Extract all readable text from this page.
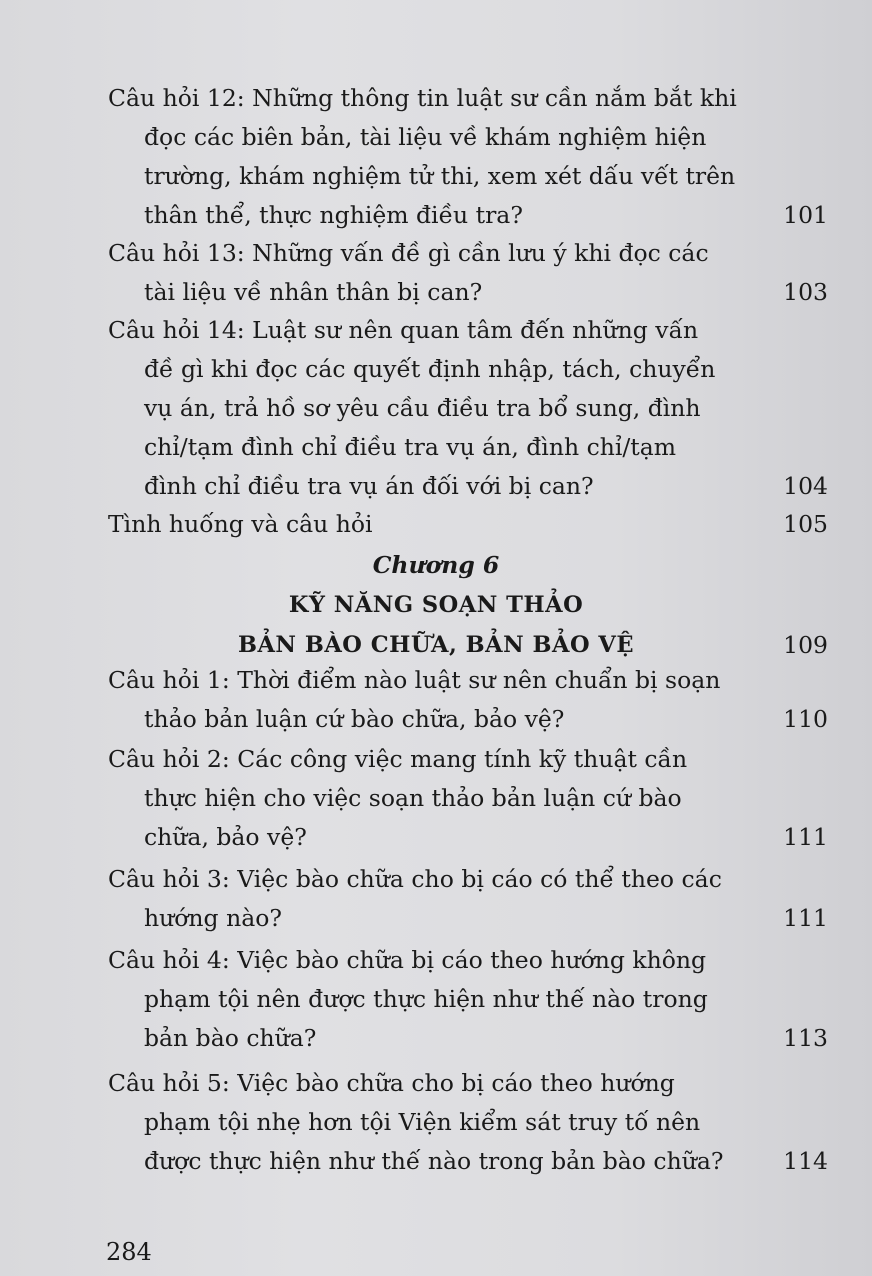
Câu hỏi 12: Những thông tin luật sư cần nắm bắt khi
đọc các biên bản, tài liệu về khám nghiệm hiện
trường, khám nghiệm tử thi, xem xét dấu vết trên
thân thể, thực nghiệm điều tra?	101
Câu hỏi 13: Những vấn đề gì cần lưu ý khi đọc các
tài liệu về nhân thân bị can?	103
Câu hỏi 14: Luật sư nên quan tâm đến những vấn
đề gì khi đọc các quyết định nhập, tách, chuyển
vụ án, trả hồ sơ yêu cầu điều tra bổ sung, đình
chỉ/tạm đình chỉ điều tra vụ án, đình chỉ/tạm
đình chỉ điều tra vụ án đối với bị can?	104
Tình huống và câu hỏi	105
Chương 6
KỸ NĂNG SOẠN THẢO
BẢN BÀO CHỮA, BẢN BẢO VỆ	109
Câu hỏi 1: Thời điểm nào luật sư nên chuẩn bị soạn
thảo bản luận cứ bào chữa, bảo vệ?	110
Câu hỏi 2: Các công việc mang tính kỹ thuật cần
thực hiện cho việc soạn thảo bản luận cứ bào
chữa, bảo vệ?	111
Câu hỏi 3: Việc bào chữa cho bị cáo có thể theo các
hướng nào?	111
Câu hỏi 4: Việc bào chữa bị cáo theo hướng không
phạm tội nên được thực hiện như thế nào trong
bản bào chữa?	113
Câu hỏi 5: Việc bào chữa cho bị cáo theo hướng
phạm tội nhẹ hơn tội Viện kiểm sát truy tố nên
được thực hiện như thế nào trong bản bào chữa?	114
284
